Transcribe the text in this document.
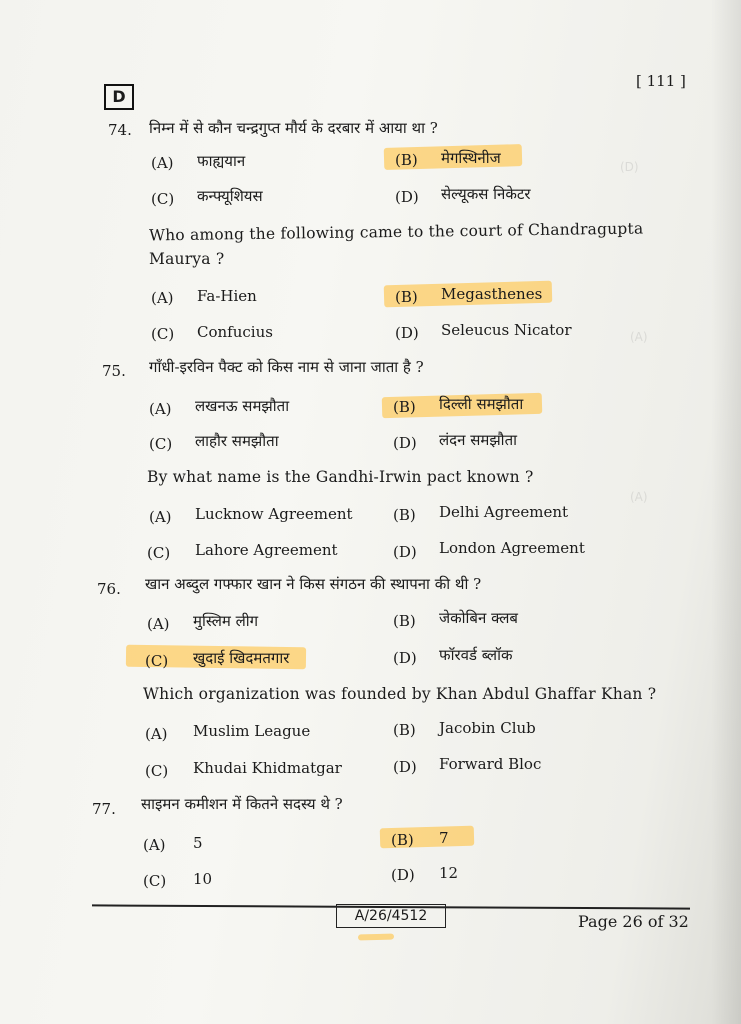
(D)
(A)
(A)
D
[ 111 ]
74. निम्न में से कौन चन्द्रगुप्त मौर्य के दरबार में आया था ?
(A) फाह्ययान	(B) मेगस्थिनीज
(C) कन्फ्यूशियस	(D) सेल्यूकस निकेटर
Who among the following came to the court of Chandragupta
Maurya ?
(A) Fa-Hien	(B) Megasthenes
(C) Confucius	(D) Seleucus Nicator
75. गाँधी-इरविन पैक्ट को किस नाम से जाना जाता है ?
(A) लखनऊ समझौता	(B) दिल्ली समझौता
(C) लाहौर समझौता	(D) लंदन समझौता
By what name is the Gandhi-Irwin pact known ?
(A) Lucknow Agreement	(B) Delhi Agreement
(C) Lahore Agreement	(D) London Agreement
76. खान अब्दुल गफ्फार खान ने किस संगठन की स्थापना की थी ?
(A) मुस्लिम लीग	(B) जेकोबिन क्लब
(C) खुदाई खिदमतगार	(D) फॉरवर्ड ब्लॉक
Which organization was founded by Khan Abdul Ghaffar Khan ?
(A) Muslim League	(B) Jacobin Club
(C) Khudai Khidmatgar	(D) Forward Bloc
77. साइमन कमीशन में कितने सदस्य थे ?
(A) 5	(B) 7
(C) 10	(D) 12
A/26/4512	Page 26 of 32
